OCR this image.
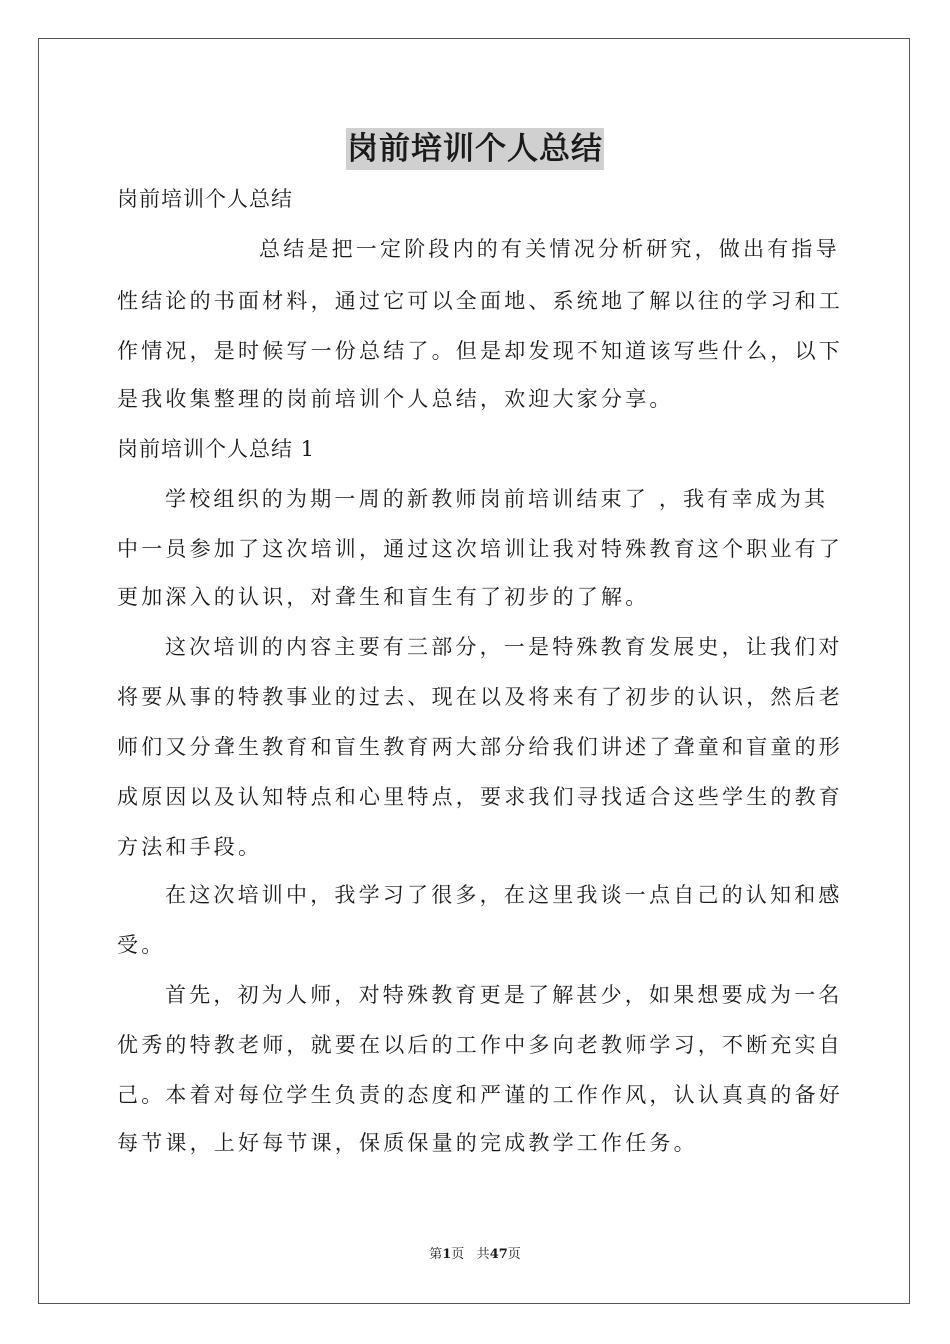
岗前培训个人总结
岗前培训个人总结
总结是把一定阶段内的有关情况分析研究，做出有指导
性结论的书面材料，通过它可以全面地、系统地了解以往的学习和工
作情况，是时候写一份总结了。但是却发现不知道该写些什么，以下
是我收集整理的岗前培训个人总结，欢迎大家分享。
岗前培训个人总结 1
学校组织的为期一周的新教师岗前培训结束了 ，我有幸成为其
中一员参加了这次培训，通过这次培训让我对特殊教育这个职业有了
更加深入的认识，对聋生和盲生有了初步的了解。
这次培训的内容主要有三部分，一是特殊教育发展史，让我们对
将要从事的特教事业的过去、现在以及将来有了初步的认识，然后老
师们又分聋生教育和盲生教育两大部分给我们讲述了聋童和盲童的形
成原因以及认知特点和心里特点，要求我们寻找适合这些学生的教育
方法和手段。
在这次培训中，我学习了很多，在这里我谈一点自己的认知和感
受。
首先，初为人师，对特殊教育更是了解甚少，如果想要成为一名
优秀的特教老师，就要在以后的工作中多向老教师学习，不断充实自
己。本着对每位学生负责的态度和严谨的工作作风，认认真真的备好
每节课，上好每节课，保质保量的完成教学工作任务。
第1页 共47页
